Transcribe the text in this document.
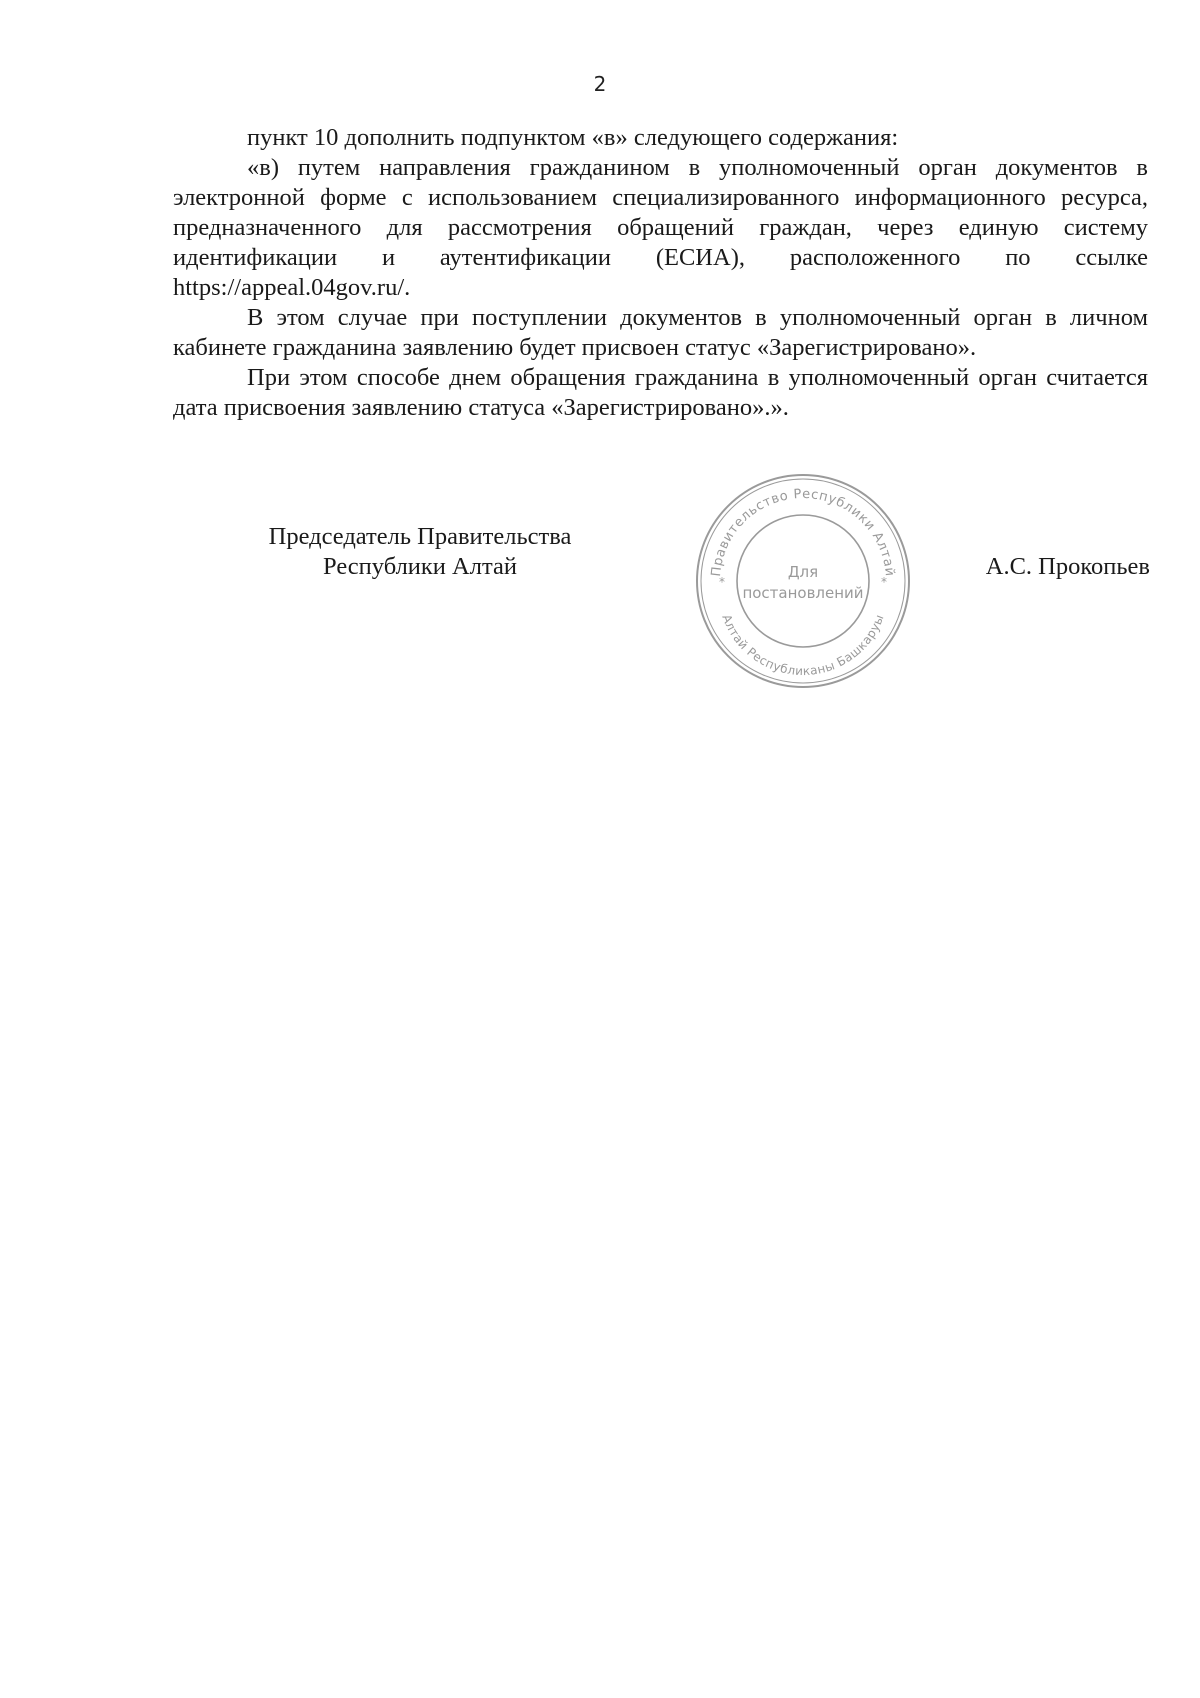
2

пункт 10 дополнить подпунктом «в» следующего содержания:

«в) путем направления гражданином в уполномоченный орган документов в электронной форме с использованием специализированного информационного ресурса, предназначенного для рассмотрения обращений граждан, через единую систему идентификации и аутентификации (ЕСИА), расположенного по ссылке https://appeal.04gov.ru/.

В этом случае при поступлении документов в уполномоченный орган в личном кабинете гражданина заявлению будет присвоен статус «Зарегистрировано».

При этом способе днем обращения гражданина в уполномоченный орган считается дата присвоения заявлению статуса «Зарегистрировано».».

Председатель Правительства
Республики Алтай	А.С. Прокопьев
Правительство Республики Алтай
Алтай Республиканы Башкаруы
*	*
Для
постановлений
